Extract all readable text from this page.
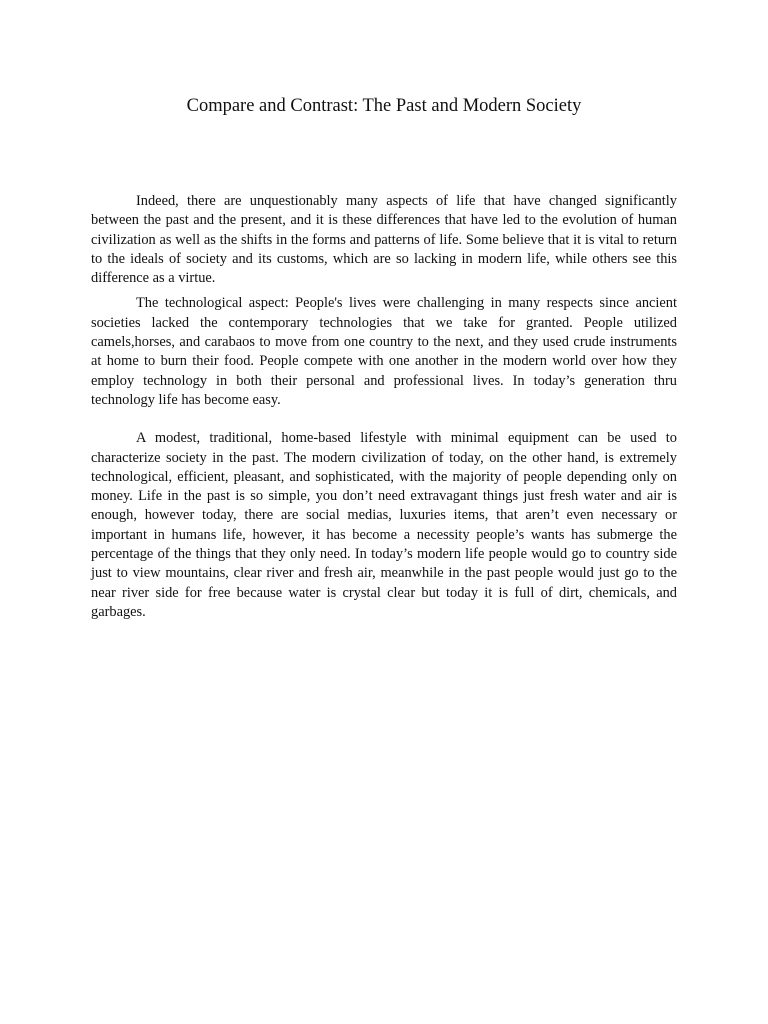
Compare and Contrast: The Past and Modern Society

Indeed, there are unquestionably many aspects of life that have changed significantly between the past and the present, and it is these differences that have led to the evolution of human civilization as well as the shifts in the forms and patterns of life. Some believe that it is vital to return to the ideals of society and its customs, which are so lacking in modern life, while others see this difference as a virtue.

The technological aspect: People's lives were challenging in many respects since ancient societies lacked the contemporary technologies that we take for granted. People utilized camels,horses, and carabaos to move from one country to the next, and they used crude instruments at home to burn their food. People compete with one another in the modern world over how they employ technology in both their personal and professional lives. In today’s generation thru technology life has become easy.

A modest, traditional, home-based lifestyle with minimal equipment can be used to characterize society in the past. The modern civilization of today, on the other hand, is extremely technological, efficient, pleasant, and sophisticated, with the majority of people depending only on money. Life in the past is so simple, you don’t need extravagant things just fresh water and air is enough, however today, there are social medias, luxuries items, that aren’t even necessary or important in humans life, however, it has become a necessity people’s wants has submerge the percentage of the things that they only need. In today’s modern life people would go to country side just to view mountains, clear river and fresh air, meanwhile in the past people would just go to the near river side for free because water is crystal clear but today it is full of dirt, chemicals, and garbages.
